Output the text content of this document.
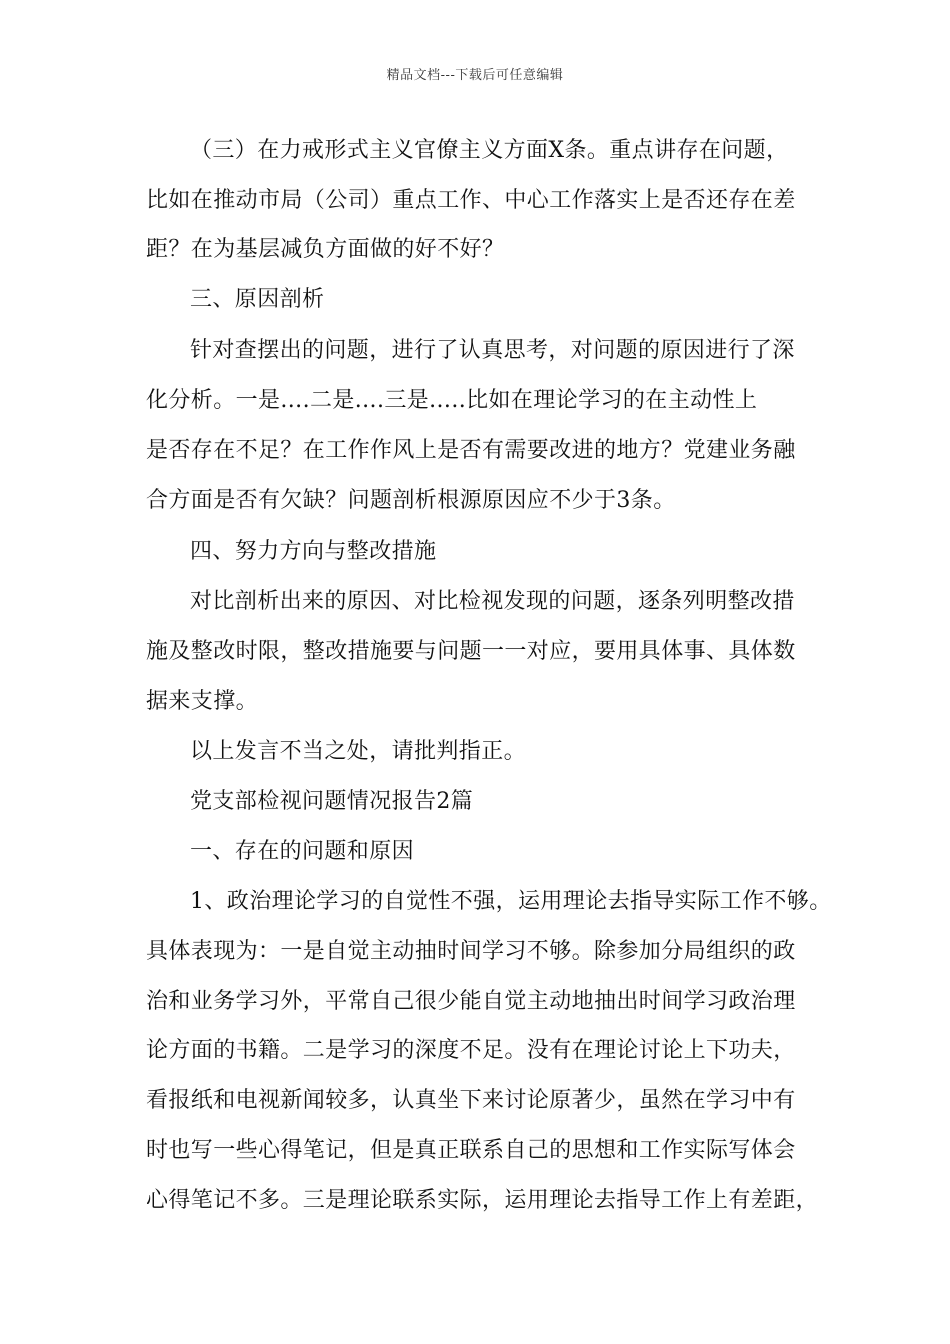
精品文档---下载后可任意编辑
（三）在力戒形式主义官僚主义方面X条。重点讲存在问题，
比如在推动市局（公司）重点工作、中心工作落实上是否还存在差
距？在为基层减负方面做的好不好？
三、原因剖析
针对查摆出的问题，进行了认真思考，对问题的原因进行了深
化分析。一是....二是....三是.....比如在理论学习的在主动性上
是否存在不足？在工作作风上是否有需要改进的地方？党建业务融
合方面是否有欠缺？问题剖析根源原因应不少于3条。
四、努力方向与整改措施
对比剖析出来的原因、对比检视发现的问题，逐条列明整改措
施及整改时限，整改措施要与问题一一对应，要用具体事、具体数
据来支撑。
以上发言不当之处，请批判指正。
党支部检视问题情况报告2篇
一、存在的问题和原因
1、政治理论学习的自觉性不强，运用理论去指导实际工作不够。
具体表现为：一是自觉主动抽时间学习不够。除参加分局组织的政
治和业务学习外，平常自己很少能自觉主动地抽出时间学习政治理
论方面的书籍。二是学习的深度不足。没有在理论讨论上下功夫，
看报纸和电视新闻较多，认真坐下来讨论原著少，虽然在学习中有
时也写一些心得笔记，但是真正联系自己的思想和工作实际写体会
心得笔记不多。三是理论联系实际，运用理论去指导工作上有差距，
